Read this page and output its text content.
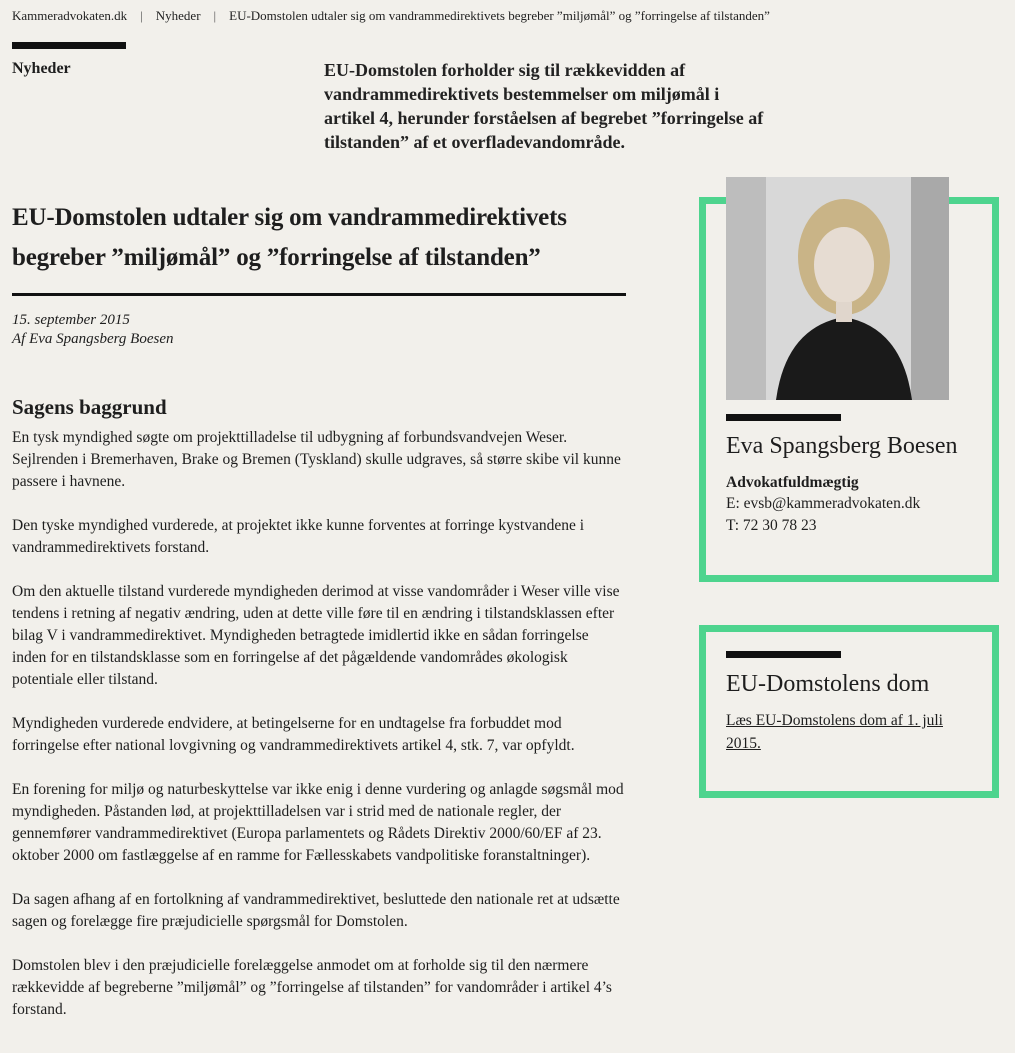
Kammeradvokaten.dk | Nyheder | EU-Domstolen udtaler sig om vandrammedirektivets begreber ”miljømål” og ”forringelse af tilstanden”
Nyheder	EU-Domstolen forholder sig til rækkevidden af vandrammedirektivets bestemmelser om miljømål i artikel 4, herunder forståelsen af begrebet ”forringelse af tilstanden” af et overfladevandområde.
EU-Domstolen udtaler sig om vandrammedirektivets
begreber ”miljømål” og ”forringelse af tilstanden”
15. september 2015
Af Eva Spangsberg Boesen
Sagens baggrund

En tysk myndighed søgte om projekttilladelse til udbygning af forbundsvandvejen Weser. Sejlrenden i Bremerhaven, Brake og Bremen (Tyskland) skulle udgraves, så større skibe vil kunne passere i havnene.

Den tyske myndighed vurderede, at projektet ikke kunne forventes at forringe kystvandene i vandrammedirektivets forstand.

Om den aktuelle tilstand vurderede myndigheden derimod at visse vandområder i Weser ville vise tendens i retning af negativ ændring, uden at dette ville føre til en ændring i tilstandsklassen efter bilag V i vandrammedirektivet. Myndigheden betragtede imidlertid ikke en sådan forringelse inden for en tilstandsklasse som en forringelse af det pågældende vandområdes økologisk potentiale eller tilstand.

Myndigheden vurderede endvidere, at betingelserne for en undtagelse fra forbuddet mod forringelse efter national lovgivning og vandrammedirektivets artikel 4, stk. 7, var opfyldt.

En forening for miljø og naturbeskyttelse var ikke enig i denne vurdering og anlagde søgsmål mod myndigheden. Påstanden lød, at projekttilladelsen var i strid med de nationale regler, der gennemfører vandrammedirektivet (Europa parlamentets og Rådets Direktiv 2000/60/EF af 23. oktober 2000 om fastlæggelse af en ramme for Fællesskabets vandpolitiske foranstaltninger).

Da sagen afhang af en fortolkning af vandrammedirektivet, besluttede den nationale ret at udsætte sagen og forelægge fire præjudicielle spørgsmål for Domstolen.

Domstolen blev i den præjudicielle forelæggelse anmodet om at forholde sig til den nærmere rækkevidde af begreberne ”miljømål” og ”forringelse af tilstanden” for vandområder i artikel 4’s forstand.

Eva Spangsberg Boesen
Advokatfuldmægtig
E: evsb@kammeradvokaten.dk
T: 72 30 78 23
EU-Domstolens dom
Læs EU-Domstolens dom af 1. juli 2015.
